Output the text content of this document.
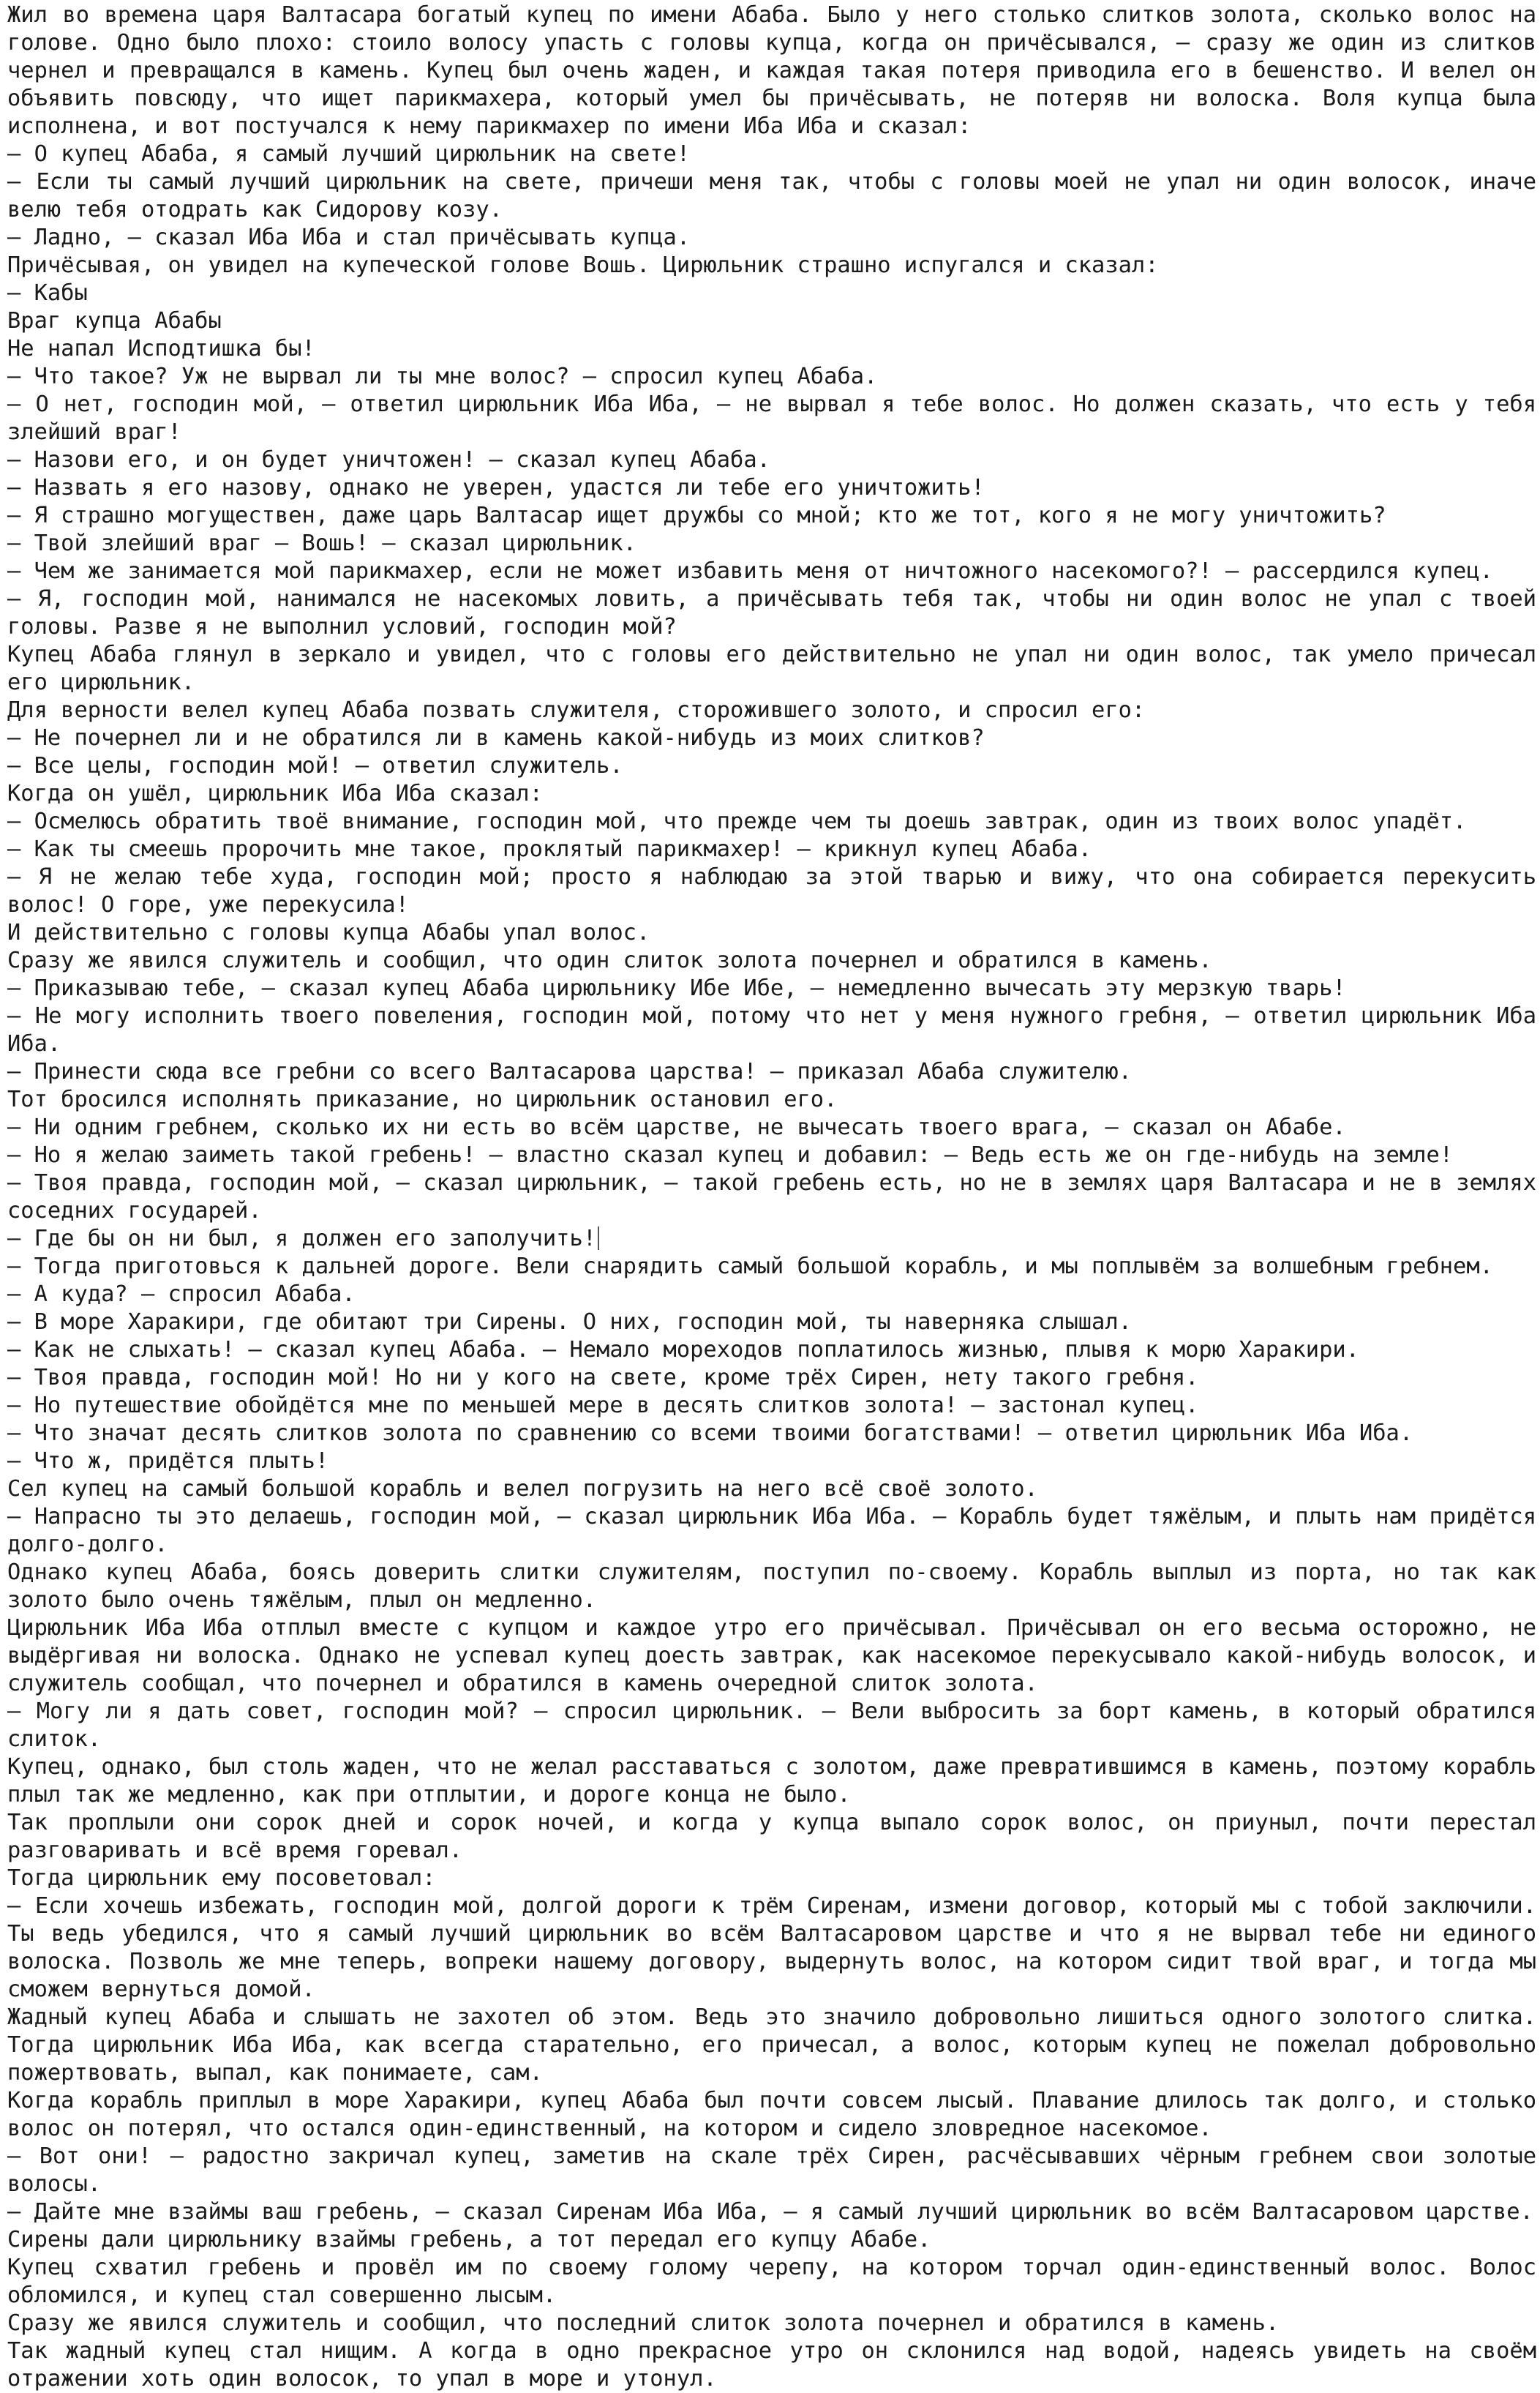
Жил во времена царя Валтасара богатый купец по имени Абаба. Было у него столько слитков золота, сколько волос на голове. Одно было плохо: стоило волосу упасть с головы купца, когда он причёсывался, — сразу же один из слитков чернел и превращался в камень. Купец был очень жаден, и каждая такая потеря приводила его в бешенство. И велел он объявить повсюду, что ищет парикмахера, который умел бы причёсывать, не потеряв ни волоска. Воля купца была исполнена, и вот постучался к нему парикмахер по имени Иба Иба и сказал:

— О купец Абаба, я самый лучший цирюльник на свете!

— Если ты самый лучший цирюльник на свете, причеши меня так, чтобы с головы моей не упал ни один волосок, иначе велю тебя отодрать как Сидорову козу.

— Ладно, — сказал Иба Иба и стал причёсывать купца.

Причёсывая, он увидел на купеческой голове Вошь. Цирюльник страшно испугался и сказал:

— Кабы

Враг купца Абабы

Не напал Исподтишка бы!

— Что такое? Уж не вырвал ли ты мне волос? — спросил купец Абаба.

— О нет, господин мой, — ответил цирюльник Иба Иба, — не вырвал я тебе волос. Но должен сказать, что есть у тебя злейший враг!

— Назови его, и он будет уничтожен! — сказал купец Абаба.

— Назвать я его назову, однако не уверен, удастся ли тебе его уничтожить!

— Я страшно могуществен, даже царь Валтасар ищет дружбы со мной; кто же тот, кого я не могу уничтожить?

— Твой злейший враг — Вошь! — сказал цирюльник.

— Чем же занимается мой парикмахер, если не может избавить меня от ничтожного насекомого?! — рассердился купец.

— Я, господин мой, нанимался не насекомых ловить, а причёсывать тебя так, чтобы ни один волос не упал с твоей головы. Разве я не выполнил условий, господин мой?

Купец Абаба глянул в зеркало и увидел, что с головы его действительно не упал ни один волос, так умело причесал его цирюльник.

Для верности велел купец Абаба позвать служителя, сторожившего золото, и спросил его:

— Не почернел ли и не обратился ли в камень какой-нибудь из моих слитков?

— Все целы, господин мой! — ответил служитель.

Когда он ушёл, цирюльник Иба Иба сказал:

— Осмелюсь обратить твоё внимание, господин мой, что прежде чем ты доешь завтрак, один из твоих волос упадёт.

— Как ты смеешь пророчить мне такое, проклятый парикмахер! — крикнул купец Абаба.

— Я не желаю тебе худа, господин мой; просто я наблюдаю за этой тварью и вижу, что она собирается перекусить волос! О горе, уже перекусила!

И действительно с головы купца Абабы упал волос.

Сразу же явился служитель и сообщил, что один слиток золота почернел и обратился в камень.

— Приказываю тебе, — сказал купец Абаба цирюльнику Ибе Ибе, — немедленно вычесать эту мерзкую тварь!

— Не могу исполнить твоего повеления, господин мой, потому что нет у меня нужного гребня, — ответил цирюльник Иба Иба.

— Принести сюда все гребни со всего Валтасарова царства! — приказал Абаба служителю.

Тот бросился исполнять приказание, но цирюльник остановил его.

— Ни одним гребнем, сколько их ни есть во всём царстве, не вычесать твоего врага, — сказал он Абабе.

— Но я желаю заиметь такой гребень! — властно сказал купец и добавил: — Ведь есть же он где-нибудь на земле!

— Твоя правда, господин мой, — сказал цирюльник, — такой гребень есть, но не в землях царя Валтасара и не в землях соседних государей.

— Где бы он ни был, я должен его заполучить!

— Тогда приготовься к дальней дороге. Вели снарядить самый большой корабль, и мы поплывём за волшебным гребнем.

— А куда? — спросил Абаба.

— В море Харакири, где обитают три Сирены. О них, господин мой, ты наверняка слышал.

— Как не слыхать! — сказал купец Абаба. — Немало мореходов поплатилось жизнью, плывя к морю Харакири.

— Твоя правда, господин мой! Но ни у кого на свете, кроме трёх Сирен, нету такого гребня.

— Но путешествие обойдётся мне по меньшей мере в десять слитков золота! — застонал купец.

— Что значат десять слитков золота по сравнению со всеми твоими богатствами! — ответил цирюльник Иба Иба.

— Что ж, придётся плыть!

Сел купец на самый большой корабль и велел погрузить на него всё своё золото.

— Напрасно ты это делаешь, господин мой, — сказал цирюльник Иба Иба. — Корабль будет тяжёлым, и плыть нам придётся долго-долго.

Однако купец Абаба, боясь доверить слитки служителям, поступил по-своему. Корабль выплыл из порта, но так как золото было очень тяжёлым, плыл он медленно.

Цирюльник Иба Иба отплыл вместе с купцом и каждое утро его причёсывал. Причёсывал он его весьма осторожно, не выдёргивая ни волоска. Однако не успевал купец доесть завтрак, как насекомое перекусывало какой-нибудь волосок, и служитель сообщал, что почернел и обратился в камень очередной слиток золота.

— Могу ли я дать совет, господин мой? — спросил цирюльник. — Вели выбросить за борт камень, в который обратился слиток.

Купец, однако, был столь жаден, что не желал расставаться с золотом, даже превратившимся в камень, поэтому корабль плыл так же медленно, как при отплытии, и дороге конца не было.

Так проплыли они сорок дней и сорок ночей, и когда у купца выпало сорок волос, он приуныл, почти перестал разговаривать и всё время горевал.

Тогда цирюльник ему посоветовал:

— Если хочешь избежать, господин мой, долгой дороги к трём Сиренам, измени договор, который мы с тобой заключили. Ты ведь убедился, что я самый лучший цирюльник во всём Валтасаровом царстве и что я не вырвал тебе ни единого волоска. Позволь же мне теперь, вопреки нашему договору, выдернуть волос, на котором сидит твой враг, и тогда мы сможем вернуться домой.

Жадный купец Абаба и слышать не захотел об этом. Ведь это значило добровольно лишиться одного золотого слитка. Тогда цирюльник Иба Иба, как всегда старательно, его причесал, а волос, которым купец не пожелал добровольно пожертвовать, выпал, как понимаете, сам.

Когда корабль приплыл в море Харакири, купец Абаба был почти совсем лысый. Плавание длилось так долго, и столько волос он потерял, что остался один-единственный, на котором и сидело зловредное насекомое.

— Вот они! — радостно закричал купец, заметив на скале трёх Сирен, расчёсывавших чёрным гребнем свои золотые волосы.

— Дайте мне взаймы ваш гребень, — сказал Сиренам Иба Иба, — я самый лучший цирюльник во всём Валтасаровом царстве.

Сирены дали цирюльнику взаймы гребень, а тот передал его купцу Абабе.

Купец схватил гребень и провёл им по своему голому черепу, на котором торчал один-единственный волос. Волос обломился, и купец стал совершенно лысым.

Сразу же явился служитель и сообщил, что последний слиток золота почернел и обратился в камень.

Так жадный купец стал нищим. А когда в одно прекрасное утро он склонился над водой, надеясь увидеть на своём отражении хоть один волосок, то упал в море и утонул.
